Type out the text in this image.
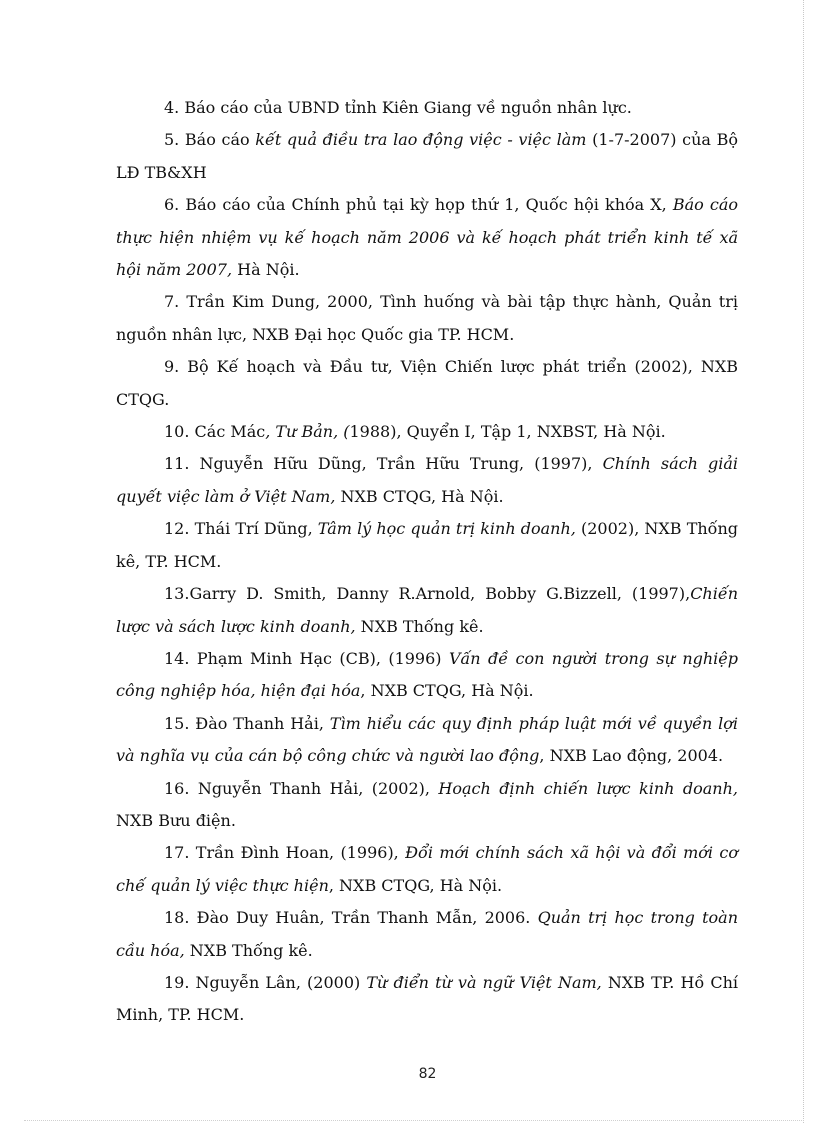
4. Báo cáo của UBND tỉnh Kiên Giang về nguồn nhân lực.

5. Báo cáo kết quả điều tra lao động việc - việc làm (1-7-2007) của Bộ LĐ TB&XH

6. Báo cáo của Chính phủ tại kỳ họp thứ 1, Quốc hội khóa X, Báo cáo thực hiện nhiệm vụ kế hoạch năm 2006 và kế hoạch phát triển kinh tế xã hội năm 2007, Hà Nội.

7. Trần Kim Dung, 2000, Tình huống và bài tập thực hành, Quản trị nguồn nhân lực, NXB Đại học Quốc gia TP. HCM.

9. Bộ Kế hoạch và Đầu tư, Viện Chiến lược phát triển (2002), NXB CTQG.

10. Các Mác, Tư Bản, (1988), Quyển I, Tập 1, NXBST, Hà Nội.

11. Nguyễn Hữu Dũng, Trần Hữu Trung, (1997), Chính sách giải quyết việc làm ở Việt Nam, NXB CTQG, Hà Nội.

12. Thái Trí Dũng, Tâm lý học quản trị kinh doanh, (2002), NXB Thống kê, TP. HCM.

13.Garry D. Smith, Danny R.Arnold, Bobby G.Bizzell, (1997),Chiến lược và sách lược kinh doanh, NXB Thống kê.

14. Phạm Minh Hạc (CB), (1996) Vấn đề con người trong sự nghiệp công nghiệp hóa, hiện đại hóa, NXB CTQG, Hà Nội.

15. Đào Thanh Hải, Tìm hiểu các quy định pháp luật mới về quyền lợi và nghĩa vụ của cán bộ công chức và người lao động, NXB Lao động, 2004.

16. Nguyễn Thanh Hải, (2002), Hoạch định chiến lược kinh doanh, NXB Bưu điện.

17. Trần Đình Hoan, (1996), Đổi mới chính sách xã hội và đổi mới cơ chế quản lý việc thực hiện, NXB CTQG, Hà Nội.

18. Đào Duy Huân, Trần Thanh Mẫn, 2006. Quản trị học trong toàn cầu hóa, NXB Thống kê.

19. Nguyễn Lân, (2000) Từ điển từ và ngữ Việt Nam, NXB TP. Hồ Chí Minh, TP. HCM.

82
